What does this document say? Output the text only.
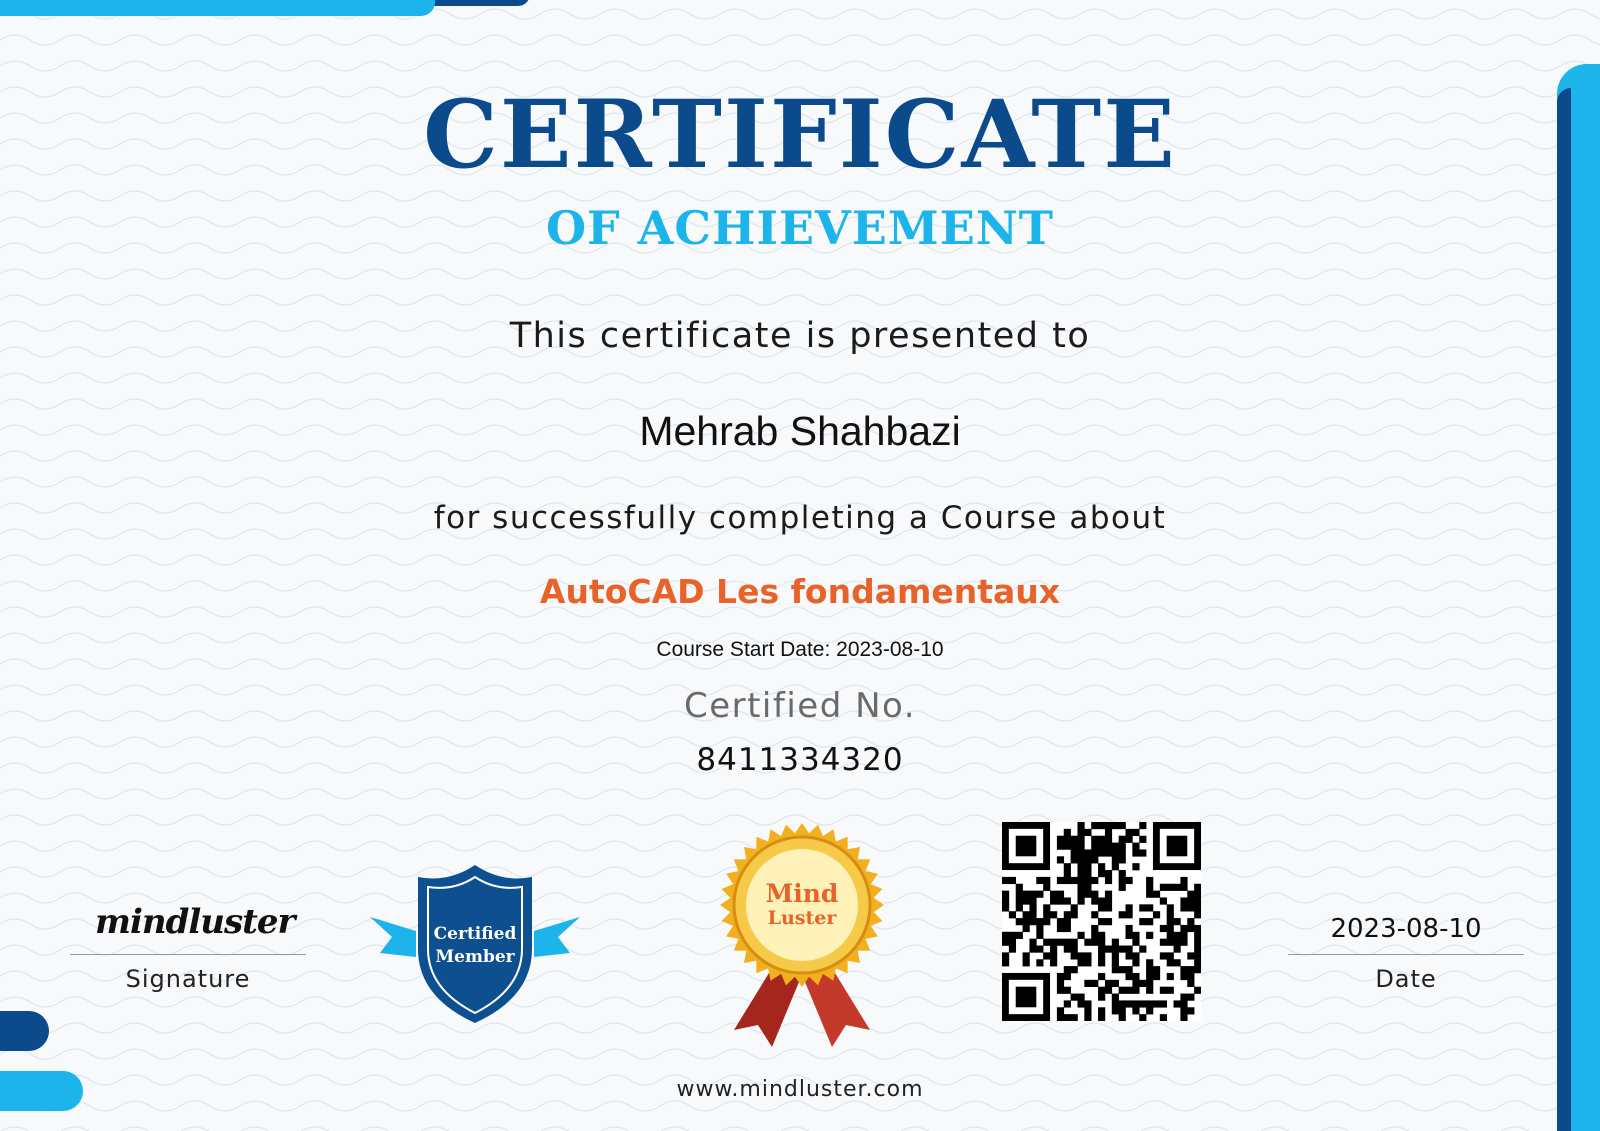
CERTIFICATE
OF ACHIEVEMENT
This certificate is presented to
Mehrab Shahbazi
for successfully completing a Course about
AutoCAD Les fondamentaux
Course Start Date: 2023-08-10
Certified No.
8411334320
mindluster
Signature
Certified
Member
Mind
Luster	2023-08-10
Date
www.mindluster.com
